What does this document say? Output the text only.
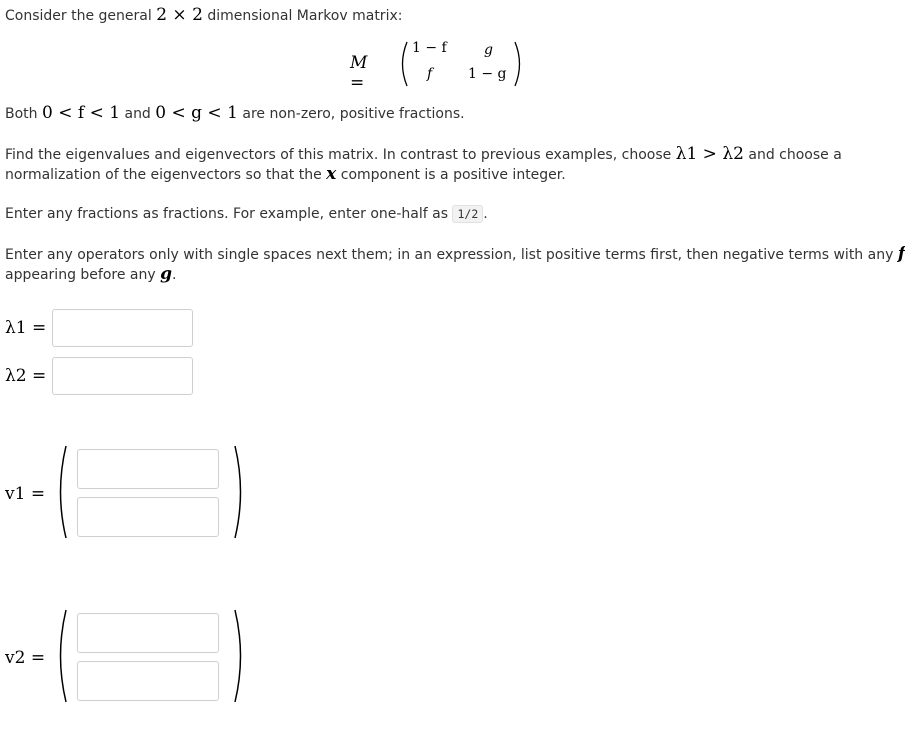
Consider the general 2 × 2 dimensional Markov matrix:

M =
1 − f	g
f	1 − g

Both 0 < f < 1 and 0 < g < 1 are non-zero, positive fractions.

Find the eigenvalues and eigenvectors of this matrix. In contrast to previous examples, choose λ1 > λ2 and choose a

normalization of the eigenvectors so that the x component is a positive integer.

Enter any fractions as fractions. For example, enter one-half as 1/2 .

Enter any operators only with single spaces next them; in an expression, list positive terms first, then negative terms with any f

appearing before any g.

λ1 =
λ2 =
v1 =
v2 =
